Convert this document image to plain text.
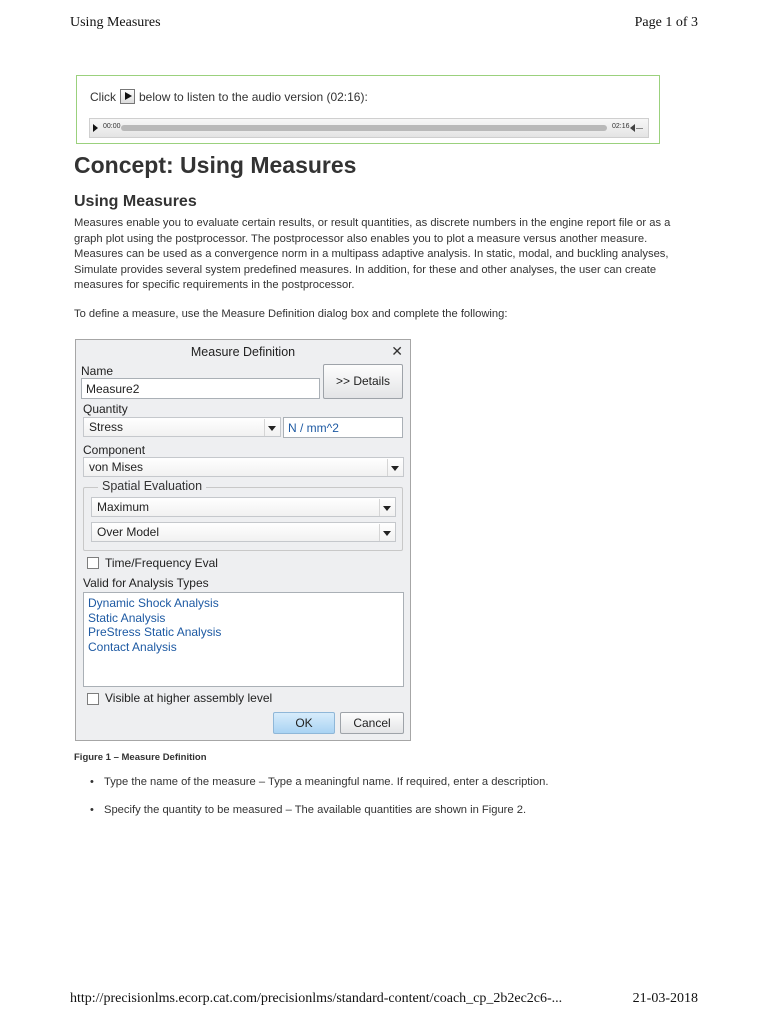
Using Measures	Page 1 of 3
Click below to listen to the audio version (02:16):
00:00	02:16
Concept: Using Measures
Using Measures

Measures enable you to evaluate certain results, or result quantities, as discrete numbers in the engine report file or as a graph plot using the postprocessor. The postprocessor also enables you to plot a measure versus another measure. Measures can be used as a convergence norm in a multipass adaptive analysis. In static, modal, and buckling analyses, Simulate provides several system predefined measures. In addition, for these and other analyses, the user can create measures for specific requirements in the postprocessor.

To define a measure, use the Measure Definition dialog box and complete the following:
Measure Definition	✕
Name
Measure2
>> Details
Quantity
Stress	N / mm^2
Component
von Mises
Spatial Evaluation
Maximum
Over Model
Time/Frequency Eval
Valid for Analysis Types
Dynamic Shock Analysis
Static Analysis
PreStress Static Analysis
Contact Analysis
Visible at higher assembly level
OK	Cancel
Figure 1 – Measure Definition
• Type the name of the measure – Type a meaningful name. If required, enter a description.
• Specify the quantity to be measured – The available quantities are shown in Figure 2.
http://precisionlms.ecorp.cat.com/precisionlms/standard-content/coach_cp_2b2ec2c6-...	21-03-2018
